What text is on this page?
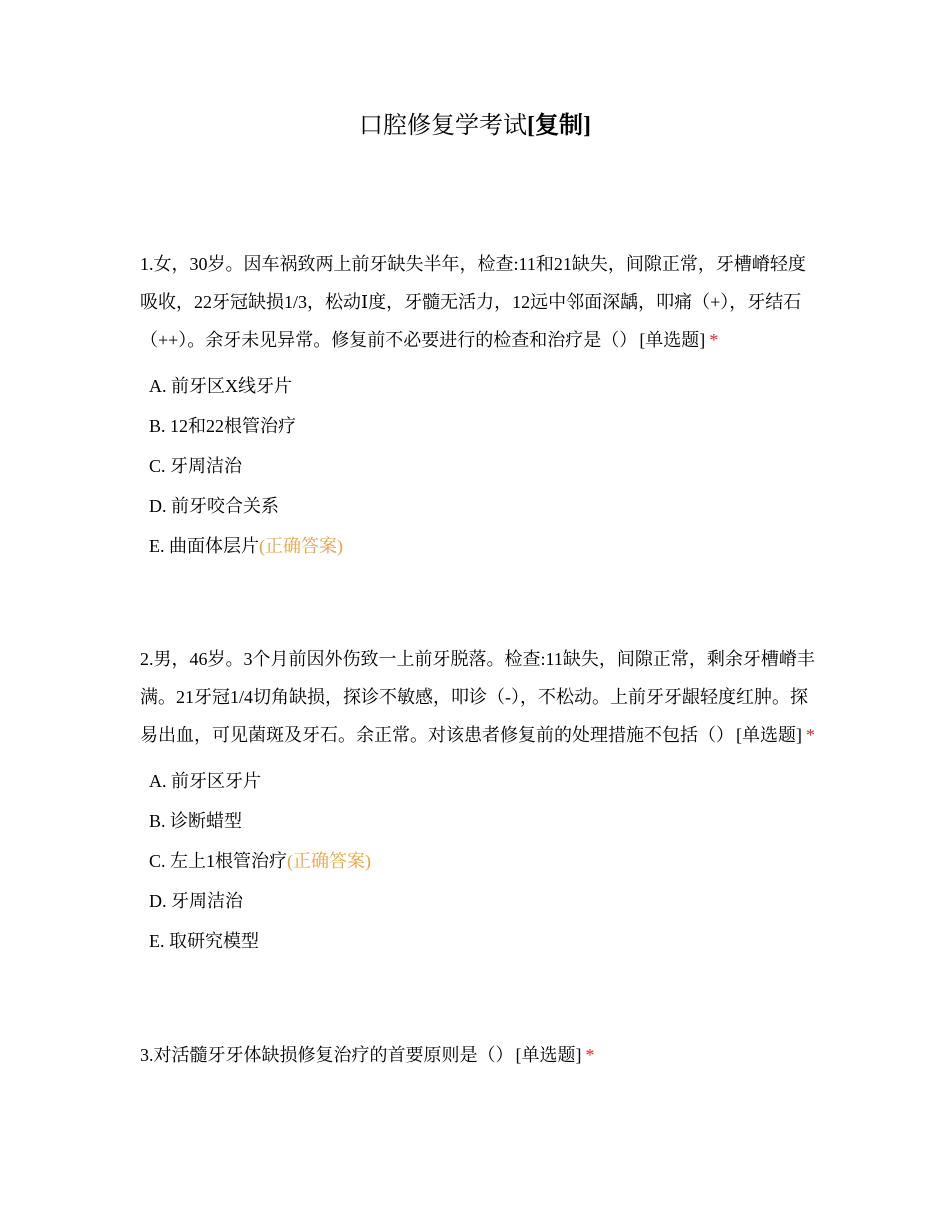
口腔修复学考试[复制]

1.女，30岁。因车祸致两上前牙缺失半年，检查:11和21缺失，间隙正常，牙槽嵴轻度吸收，22牙冠缺损1/3，松动Ⅰ度，牙髓无活力，12远中邻面深龋，叩痛（+），牙结石（++）。余牙未见异常。修复前不必要进行的检查和治疗是（） [单选题] *

A. 前牙区X线牙片
B. 12和22根管治疗
C. 牙周洁治
D. 前牙咬合关系
E. 曲面体层片(正确答案)

2.男，46岁。3个月前因外伤致一上前牙脱落。检查:11缺失，间隙正常，剩余牙槽嵴丰满。21牙冠1/4切角缺损，探诊不敏感，叩诊（-），不松动。上前牙牙龈轻度红肿。探易出血，可见菌斑及牙石。余正常。对该患者修复前的处理措施不包括（） [单选题] *

A. 前牙区牙片
B. 诊断蜡型
C. 左上1根管治疗(正确答案)
D. 牙周洁治
E. 取研究模型

3.对活髓牙牙体缺损修复治疗的首要原则是（） [单选题] *
